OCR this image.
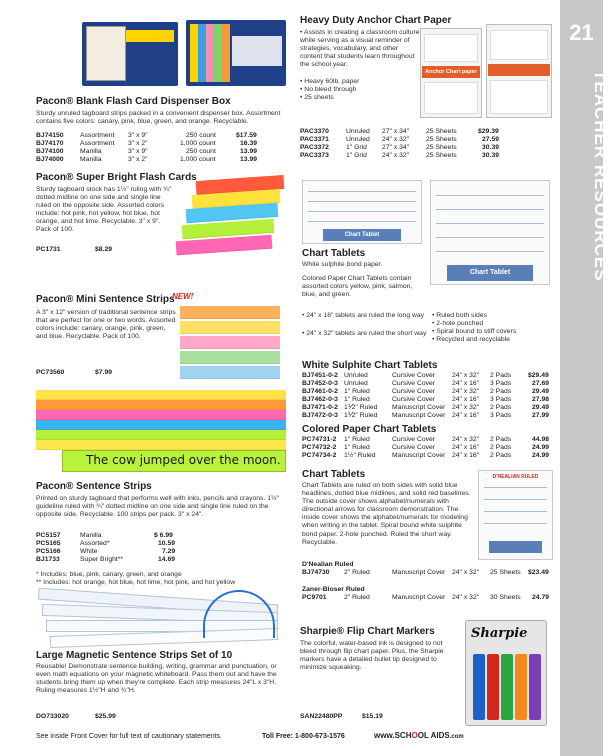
21
TEACHER RESOURCES
Pacon® Blank Flash Card Dispenser Box
Sturdy unruled tagboard strips packed in a convenient dispenser box. Assortment contains five colors: canary, pink, blue, green, and orange. Recyclable.
BJ74150 Assortment 3" x 9"	250 count	$17.59
BJ74170 Assortment 3" x 2"	1,000 count	16.39
BJ74100 Manilla	3" x 9"	250 count	13.99
BJ74000 Manilla	3" x 2"	1,000 count	13.99
Pacon® Super Bright Flash Cards
Sturdy tagboard stock has 1½" ruling with ¾" dotted midline on one side and single line ruled on the opposite side. Assorted colors include: hot pink, hot yellow, hot blue, hot orange, and hot lime. Recyclable. 3" x 9". Pack of 100.
PC1731	$8.29
Pacon® Mini Sentence Strips
NEW!
A 3" x 12" version of traditional sentence strips that are perfect for one or two words. Assorted colors include: canary, orange, pink, green, and blue. Recyclable. Pack of 100.
PC73560	$7.99
The cow jumped over the moon.
Pacon® Sentence Strips
Printed on sturdy tagboard that performs well with inks, pencils and crayons. 1½" guideline ruled with ¾" dotted midline on one side and single line ruled on the opposite side. Recyclable. 100 strips per pack. 3" x 24".
PC5157	Manilla	$ 6.99
PC5165	Assorted*	10.59
PC5166	White	7.29
BJ1733	Super Bright**	14.69
* Includes: blue, pink, canary, green, and orange
** Includes: hot orange, hot blue, hot lime, hot pink, and hot yellow
Large Magnetic Sentence Strips Set of 10
Reusable! Demonstrate sentence building, writing, grammar and punctuation, or even math equations on your magnetic whiteboard. Pass them out and have the students bring them up when they're complete. Each strip measures 24"L x 3"H. Ruling measures 1½"H and ¾"H.
DO733020	$25.99
Heavy Duty Anchor Chart Paper
• Assists in creating a classroom culture while serving as a visual reminder of strategies, vocabulary, and other content that students learn throughout the school year.
• Heavy 60lb. paper
• No bleed through
• 25 sheets
Anchor Chart paper
PAC3370	Unruled 27" x 34" 25 Sheets	$29.39
PAC3371	Unruled 24" x 32" 25 Sheets	27.59
PAC3372	1" Grid 27" x 34" 25 Sheets	30.39
PAC3373	1" Grid 24" x 32" 25 Sheets	30.39
Chart Tablet
Chart Tablet
Chart Tablets
White sulphite bond paper.
Colored Paper Chart Tablets contain assorted colors yellow, pink, salmon, blue, and green.
• 24" x 16" tablets are ruled the long way
• 24" x 32" tablets are ruled the short way
• Ruled both sides
• 2-hole punched
• Spiral bound to stiff covers
• Recycled and recyclable
White Sulphite Chart Tablets
BJ7451-0-2 Unruled	Cursive Cover 24" x 32" 2 Pads $29.49
BJ7452-0-3 Unruled	Cursive Cover 24" x 16" 3 Pads	27.69
BJ7461-0-2 1" Ruled	Cursive Cover 24" x 32" 2 Pads	29.49
BJ7462-0-3 1" Ruled	Cursive Cover 24" x 16" 3 Pads	27.98
BJ7471-0-2 1⅟2" Ruled Manuscript Cover 24" x 32" 2 Pads	29.49
BJ7472-0-3 1⅟2" Ruled Manuscript Cover 24" x 16" 3 Pads	27.99
Colored Paper Chart Tablets
PC74731-2 1" Ruled	Cursive Cover 24" x 32" 2 Pads	44.98
PC74732-2 1" Ruled	Cursive Cover 24" x 16" 2 Pads	24.99
PC74734-2 1½" Ruled Manuscript Cover 24" x 16" 2 Pads	24.99
Chart Tablets
Chart Tablets are ruled on both sides with solid blue headlines, dotted blue midlines, and solid red baselines. The outside cover shows alphabet/numerals with directional arrows for classroom demonstration. The inside cover shows the alphabet/numerals for modeling when writing in the tablet. Spiral bound white sulphite bond paper. 2-hole punched. Ruled the short way. Recyclable.
D'NEALIAN RULED
D'Nealian Ruled
BJ74730 2" Ruled	Manuscript Cover 24" x 32" 25 Sheets $23.49
Zaner-Bloser Ruled
PC9701	2" Ruled	Manuscript Cover 24" x 32" 30 Sheets 24.79
Sharpie® Flip Chart Markers
The colorful, water-based ink is designed to not bleed through flip chart paper. Plus, the Sharpie markers have a detailed bullet tip designed to minimize squeaking.
SAN22480PP	$15.19
Sharpie
See inside Front Cover for full text of cautionary statements.	Toll Free: 1-800-673-1576	www.SCHOOL AIDS.com
